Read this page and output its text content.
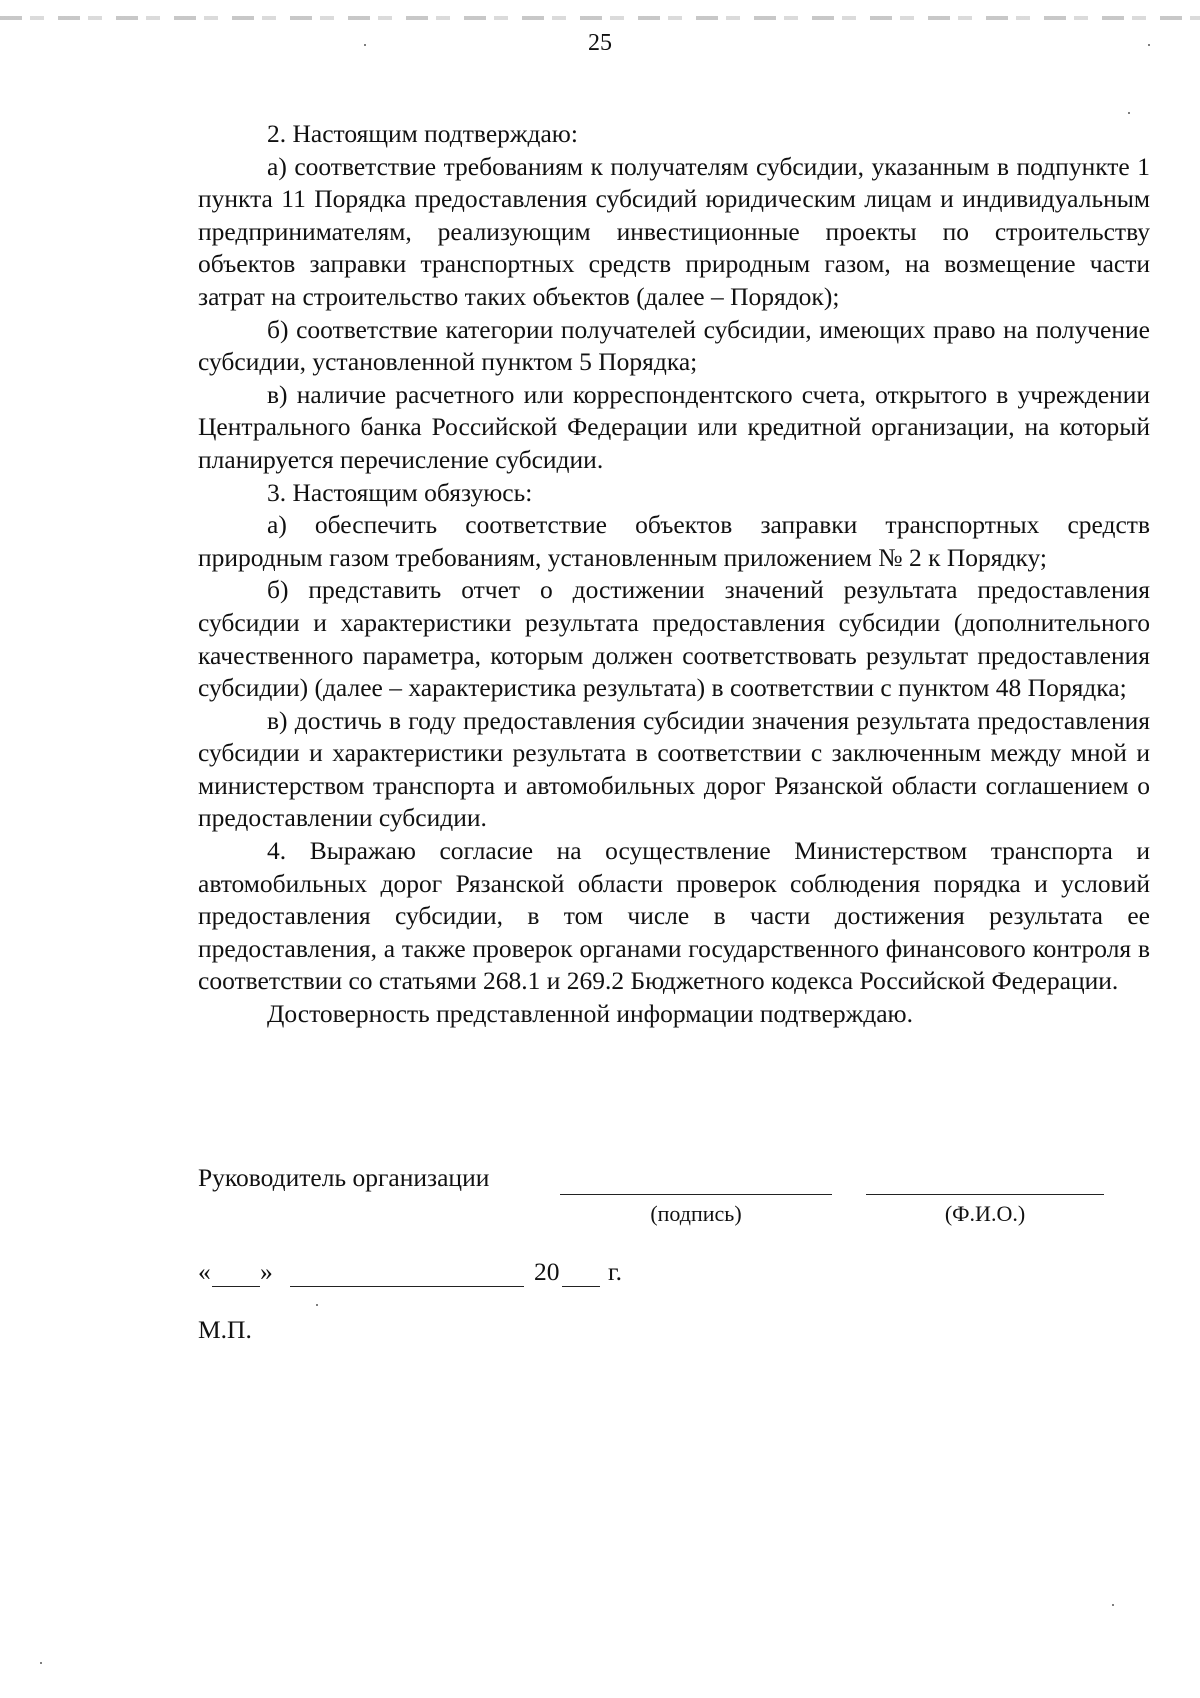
25

2. Настоящим подтверждаю:

а) соответствие требованиям к получателям субсидии, указанным в подпункте 1 пункта 11 Порядка предоставления субсидий юридическим лицам и индивидуальным предпринимателям, реализующим инвестиционные проекты по строительству объектов заправки транспортных средств природным газом, на возмещение части затрат на строительство таких объектов (далее – Порядок);

б) соответствие категории получателей субсидии, имеющих право на получение субсидии, установленной пунктом 5 Порядка;

в) наличие расчетного или корреспондентского счета, открытого в учреждении Центрального банка Российской Федерации или кредитной организации, на который планируется перечисление субсидии.

3. Настоящим обязуюсь:

а) обеспечить соответствие объектов заправки транспортных средств природным газом требованиям, установленным приложением № 2 к Порядку;

б) представить отчет о достижении значений результата предоставления субсидии и характеристики результата предоставления субсидии (дополнительного качественного параметра, которым должен соответствовать результат предоставления субсидии) (далее – характеристика результата) в соответствии с пунктом 48 Порядка;

в) достичь в году предоставления субсидии значения результата предоставления субсидии и характеристики результата в соответствии с заключенным между мной и министерством транспорта и автомобильных дорог Рязанской области соглашением о предоставлении субсидии.

4. Выражаю согласие на осуществление Министерством транспорта и автомобильных дорог Рязанской области проверок соблюдения порядка и условий предоставления субсидии, в том числе в части достижения результата ее предоставления, а также проверок органами государственного финансового контроля в соответствии со статьями 268.1 и 269.2 Бюджетного кодекса Российской Федерации.

Достоверность представленной информации подтверждаю.

Руководитель организации
(подпись)	(Ф.И.О.)
« »	20 г.
М.П.
